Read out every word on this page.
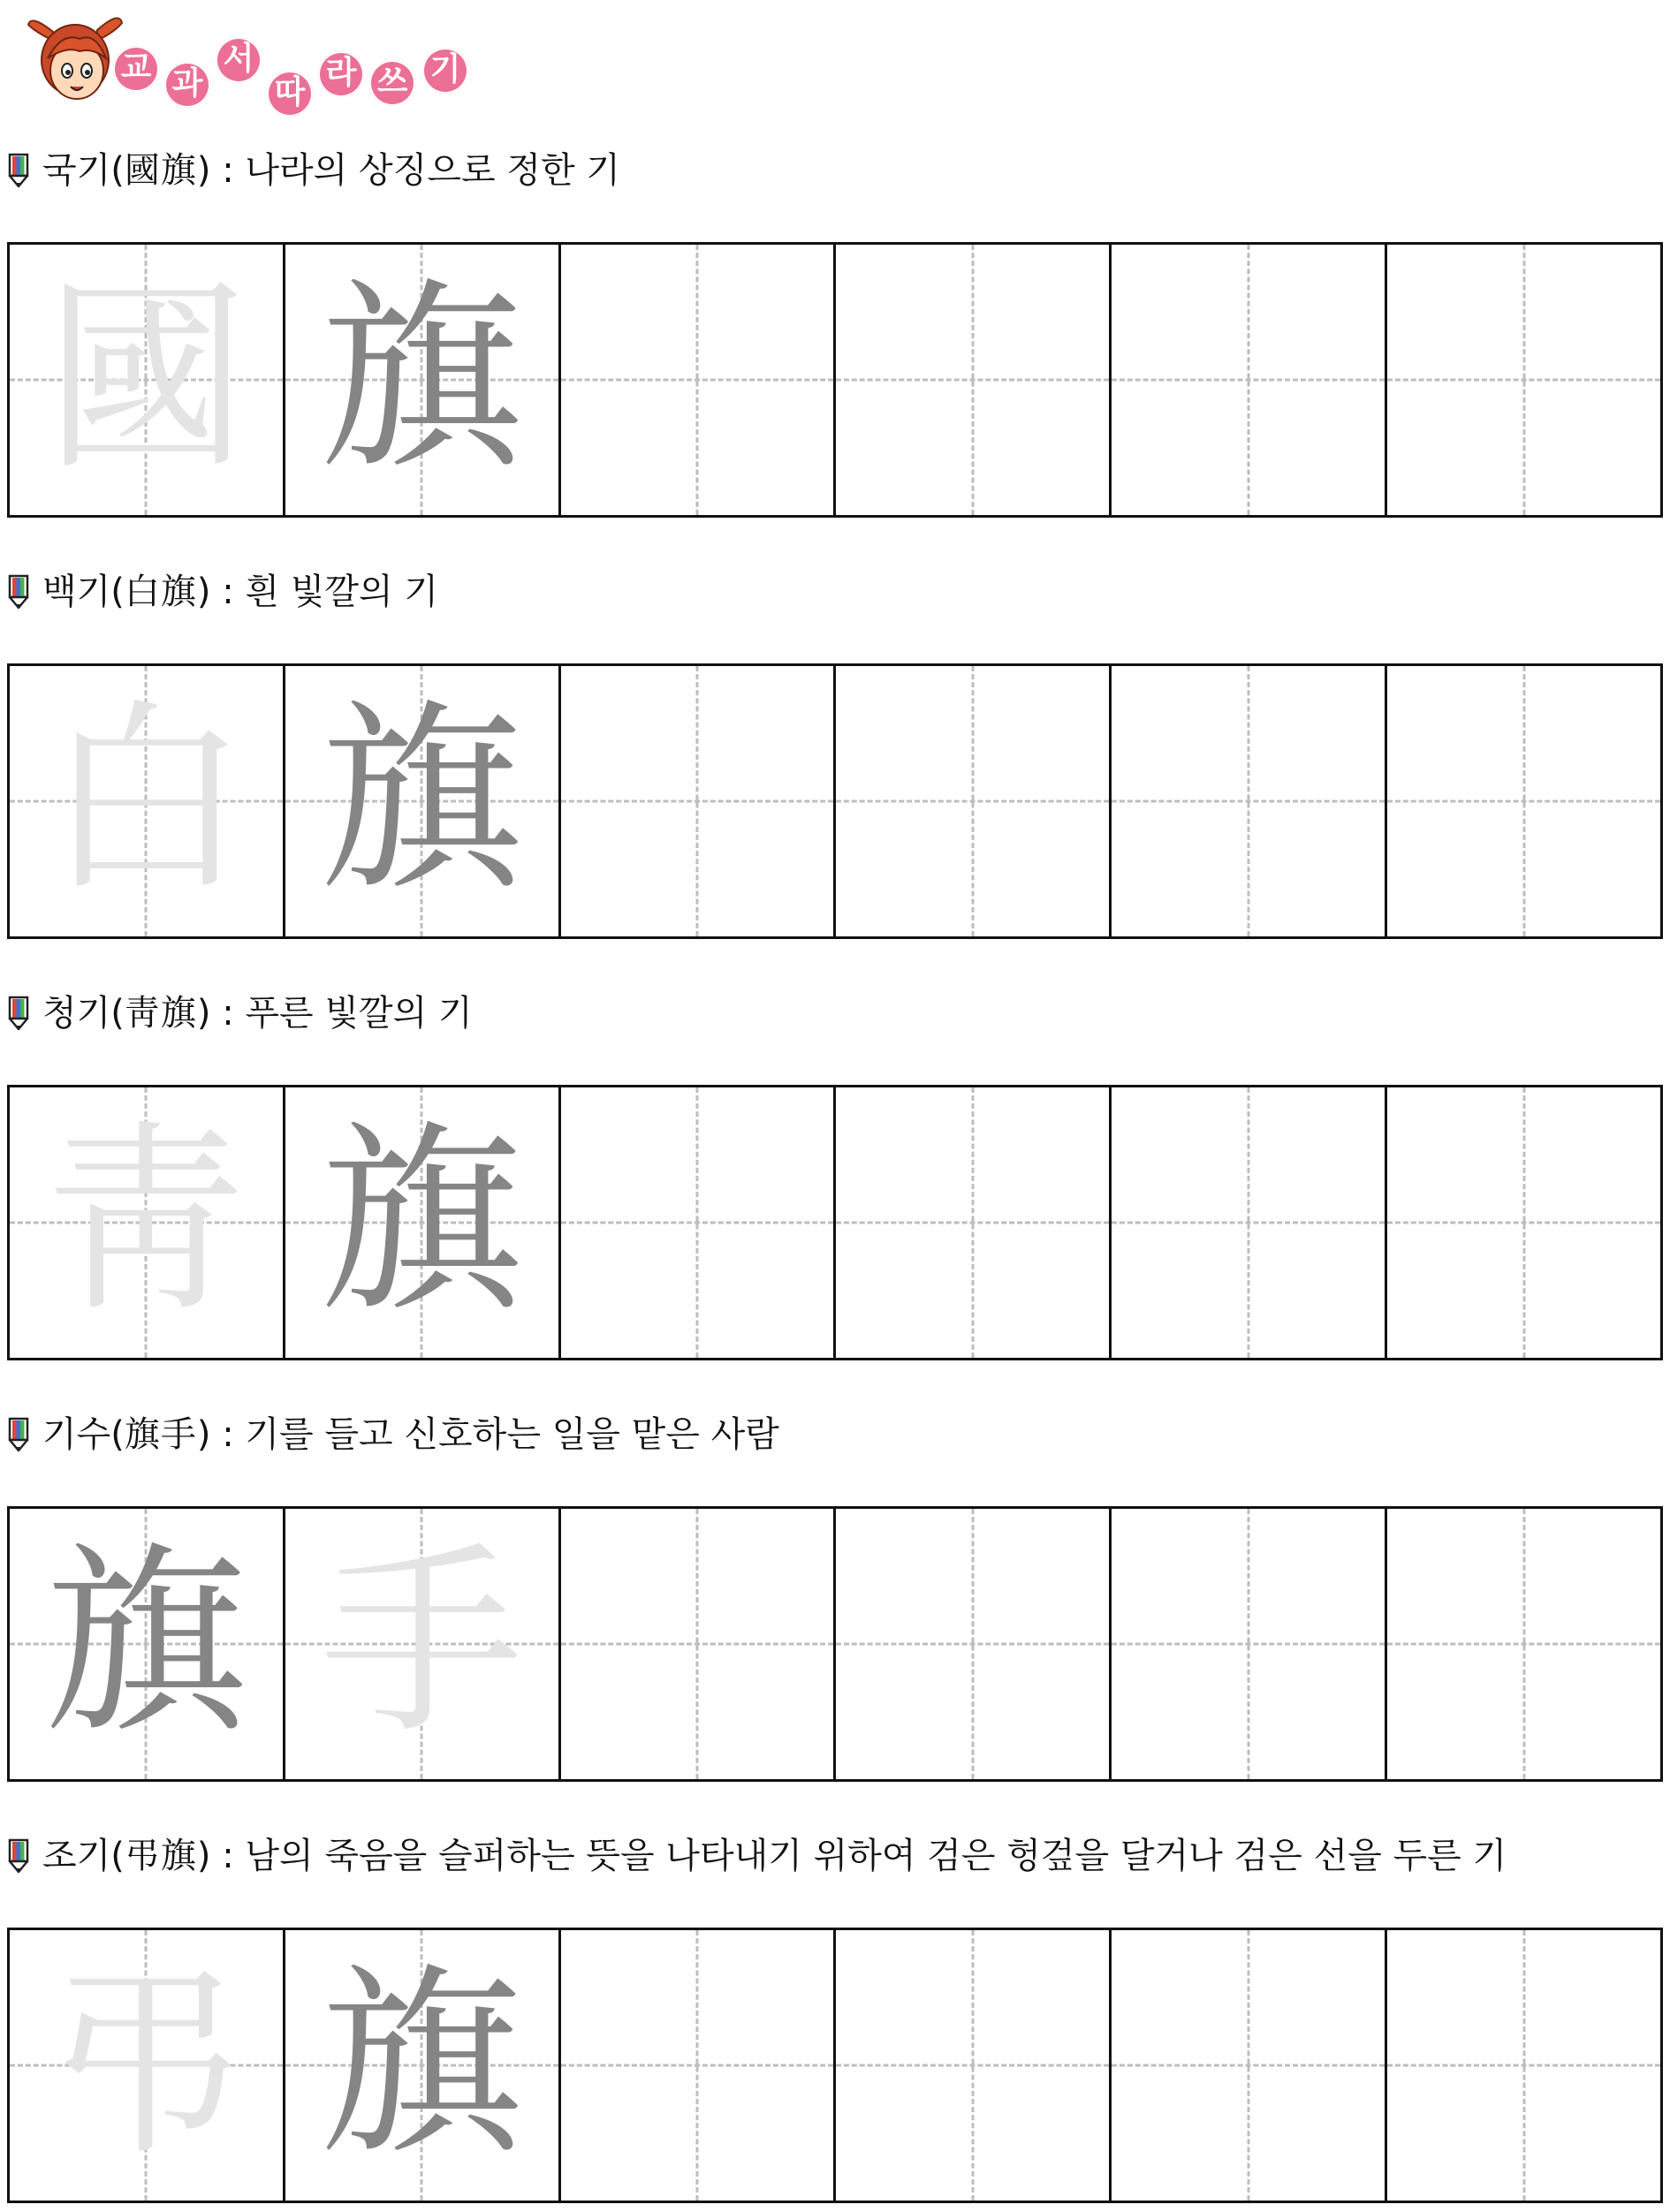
교 과
서
따
라 쓰 기
국기(國旗) : 나라의 상징으로 정한 기
國 旗
백기(白旗) : 흰 빛깔의 기
白 旗
청기(靑旗) : 푸른 빛깔의 기
靑 旗
기수(旗手) : 기를 들고 신호하는 일을 맡은 사람
旗 手
조기(弔旗) : 남의 죽음을 슬퍼하는 뜻을 나타내기 위하여 검은 헝겊을 달거나 검은 선을 두른 기
弔 旗
